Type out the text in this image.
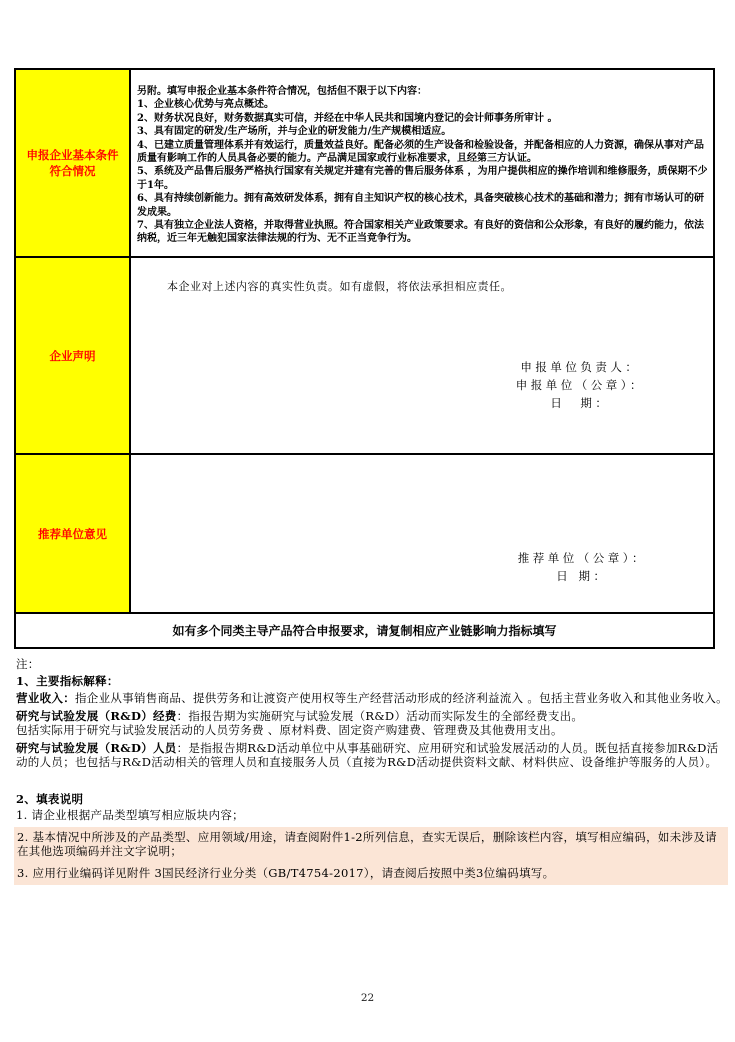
申报企业基本条件
符合情况
另附。填写申报企业基本条件符合情况，包括但不限于以下内容：
1、企业核心优势与亮点概述。
2、财务状况良好，财务数据真实可信，并经在中华人民共和国境内登记的会计师事务所审计 。
3、具有固定的研发/生产场所，并与企业的研发能力/生产规模相适应。
4、已建立质量管理体系并有效运行，质量效益良好。配备必须的生产设备和检验设备，并配备相应的人力资源，确保从事对产品质量有影响工作的人员具备必要的能力。产品满足国家或行业标准要求，且经第三方认证。
5、系统及产品售后服务严格执行国家有关规定并建有完善的售后服务体系 ，为用户提供相应的操作培训和维修服务，质保期不少于1年。
6、具有持续创新能力。拥有高效研发体系，拥有自主知识产权的核心技术，具备突破核心技术的基础和潜力；拥有市场认可的研发成果。
7、具有独立企业法人资格，并取得营业执照。符合国家相关产业政策要求。有良好的资信和公众形象，有良好的履约能力，依法纳税，近三年无触犯国家法律法规的行为、无不正当竞争行为。
企业声明
本企业对上述内容的真实性负责。如有虚假，将依法承担相应责任。
申报单位负责人：
申报单位（公章）：
日　期：
推荐单位意见
推荐单位（公章）：
日 期：
如有多个同类主导产品符合申报要求，请复制相应产业链影响力指标填写
注：
1、主要指标解释：
营业收入：指企业从事销售商品、提供劳务和让渡资产使用权等生产经营活动形成的经济利益流入 。包括主营业务收入和其他业务收入。
研究与试验发展（R&D）经费：指报告期为实施研究与试验发展（R&D）活动而实际发生的全部经费支出。
包括实际用于研究与试验发展活动的人员劳务费 、原材料费、固定资产购建费、管理费及其他费用支出。
研究与试验发展（R&D）人员：是指报告期R&D活动单位中从事基础研究、应用研究和试验发展活动的人员。既包括直接参加R&D活动的人员；也包括与R&D活动相关的管理人员和直接服务人员（直接为R&D活动提供资料文献、材料供应、设备维护等服务的人员）。
2、填表说明
1. 请企业根据产品类型填写相应版块内容；
2. 基本情况中所涉及的产品类型、应用领域/用途，请查阅附件1-2所列信息，查实无误后，删除该栏内容，填写相应编码，如未涉及请在其他选项编码并注文字说明；
3. 应用行业编码详见附件 3国民经济行业分类（GB/T4754-2017），请查阅后按照中类3位编码填写。
22
